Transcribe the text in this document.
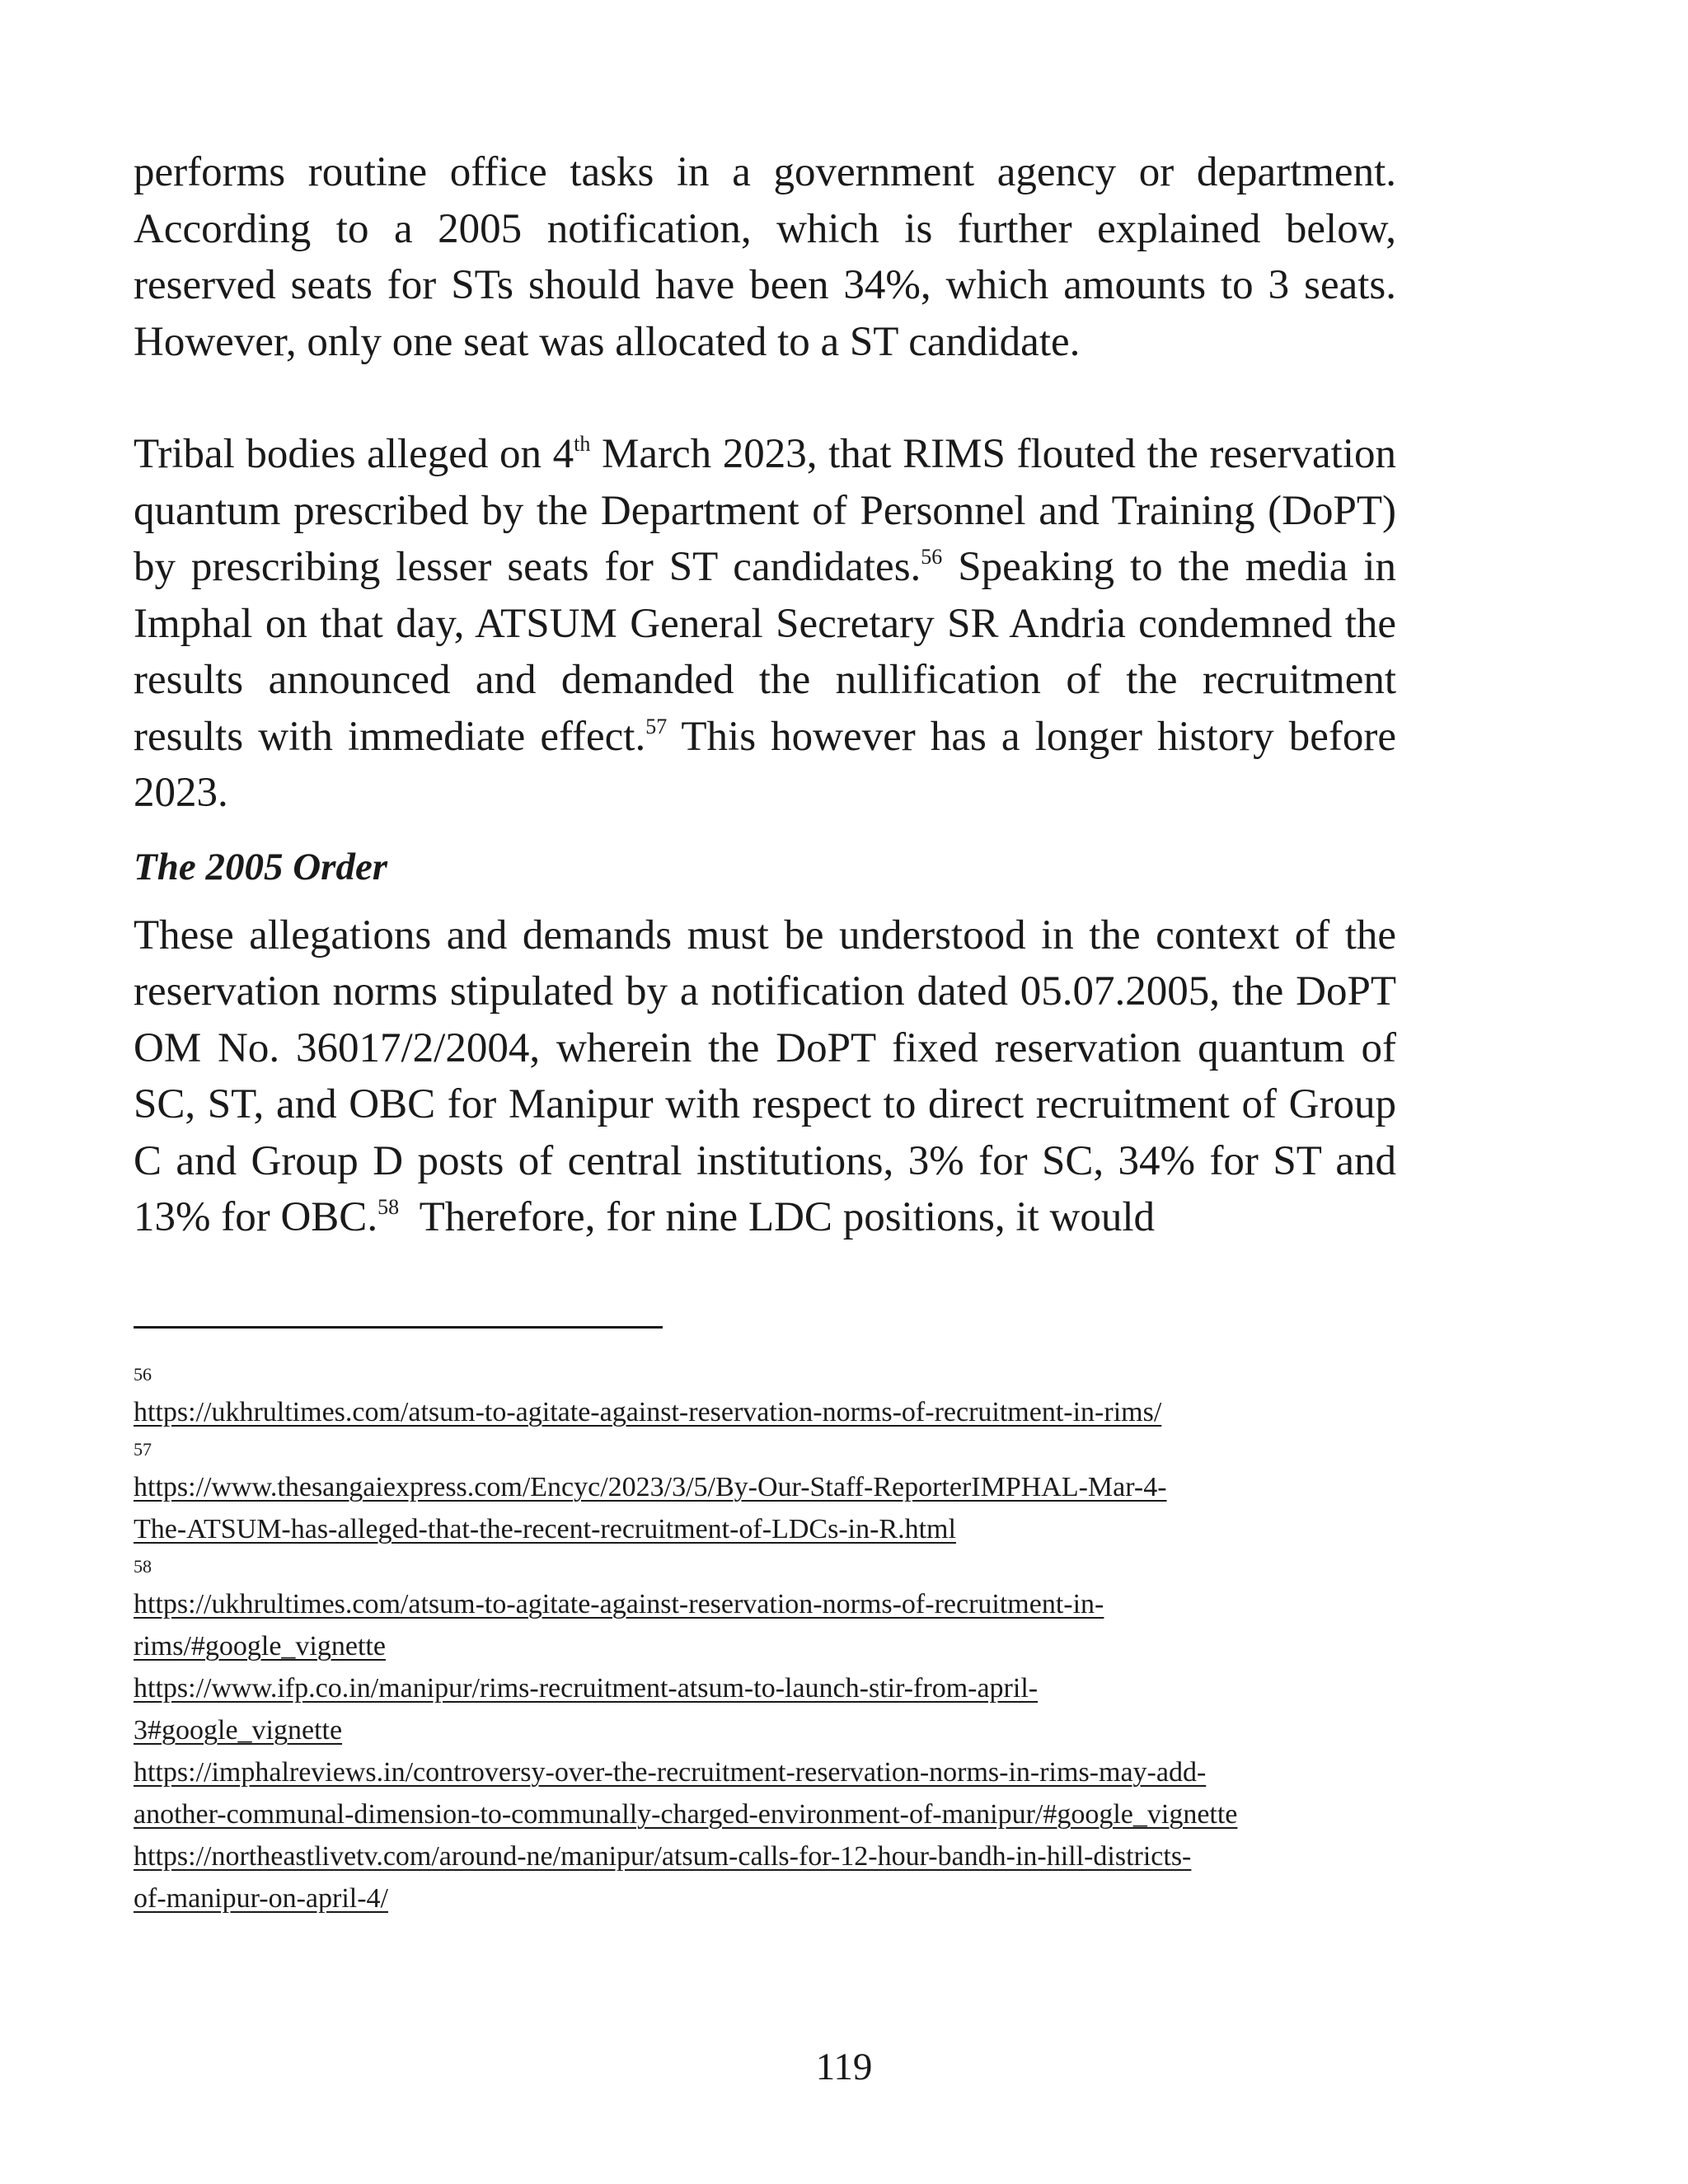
performs routine office tasks in a government agency or department. According to a 2005 notification, which is further explained below, reserved seats for STs should have been 34%, which amounts to 3 seats. However, only one seat was allocated to a ST candidate.

Tribal bodies alleged on 4th March 2023, that RIMS flouted the reservation quantum prescribed by the Department of Personnel and Training (DoPT) by prescribing lesser seats for ST candidates.$^{56}$ Speaking to the media in Imphal on that day, ATSUM General Secretary SR Andria condemned the results announced and demanded the nullification of the recruitment results with immediate effect.$^{57}$ This however has a longer history before 2023.

The 2005 Order

These allegations and demands must be understood in the context of the reservation norms stipulated by a notification dated 05.07.2005, the DoPT OM No. 36017/2/2004, wherein the DoPT fixed reservation quantum of SC, ST, and OBC for Manipur with respect to direct recruitment of Group C and Group D posts of central institutions, 3% for SC, 34% for ST and 13% for OBC.$^{58}$  Therefore, for nine LDC positions, it would

56
https://ukhrultimes.com/atsum-to-agitate-against-reservation-norms-of-recruitment-in-rims/
57
https://www.thesangaiexpress.com/Encyc/2023/3/5/By-Our-Staff-ReporterIMPHAL-Mar-4-
The-ATSUM-has-alleged-that-the-recent-recruitment-of-LDCs-in-R.html
58
https://ukhrultimes.com/atsum-to-agitate-against-reservation-norms-of-recruitment-in-
rims/#google_vignette
https://www.ifp.co.in/manipur/rims-recruitment-atsum-to-launch-stir-from-april-
3#google_vignette
https://imphalreviews.in/controversy-over-the-recruitment-reservation-norms-in-rims-may-add-
another-communal-dimension-to-communally-charged-environment-of-manipur/#google_vignette
https://northeastlivetv.com/around-ne/manipur/atsum-calls-for-12-hour-bandh-in-hill-districts-
of-manipur-on-april-4/
119
